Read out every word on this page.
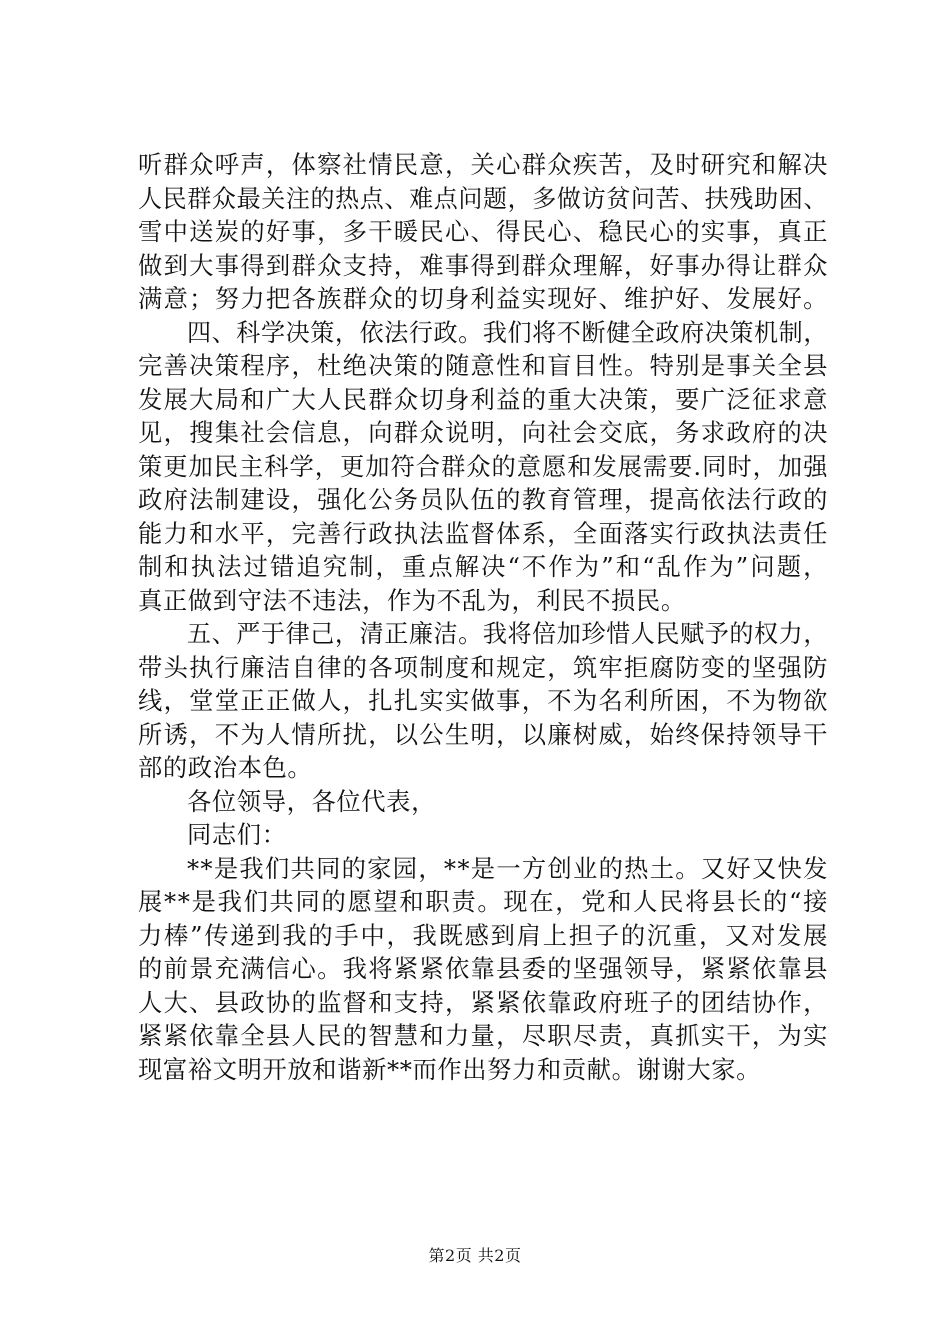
听群众呼声，体察社情民意，关心群众疾苦，及时研究和解决
人民群众最关注的热点、难点问题，多做访贫问苦、扶残助困、
雪中送炭的好事，多干暖民心、得民心、稳民心的实事，真正
做到大事得到群众支持，难事得到群众理解，好事办得让群众
满意；努力把各族群众的切身利益实现好、维护好、发展好。
四、科学决策，依法行政。我们将不断健全政府决策机制，
完善决策程序，杜绝决策的随意性和盲目性。特别是事关全县
发展大局和广大人民群众切身利益的重大决策，要广泛征求意
见，搜集社会信息，向群众说明，向社会交底，务求政府的决
策更加民主科学，更加符合群众的意愿和发展需要.同时，加强
政府法制建设，强化公务员队伍的教育管理，提高依法行政的
能力和水平，完善行政执法监督体系，全面落实行政执法责任
制和执法过错追究制，重点解决“不作为”和“乱作为”问题，
真正做到守法不违法，作为不乱为，利民不损民。
五、严于律己，清正廉洁。我将倍加珍惜人民赋予的权力，
带头执行廉洁自律的各项制度和规定，筑牢拒腐防变的坚强防
线，堂堂正正做人，扎扎实实做事，不为名利所困，不为物欲
所诱，不为人情所扰，以公生明，以廉树威，始终保持领导干
部的政治本色。
各位领导，各位代表，
同志们：
**是我们共同的家园，**是一方创业的热土。又好又快发
展**是我们共同的愿望和职责。现在，党和人民将县长的“接
力棒”传递到我的手中，我既感到肩上担子的沉重，又对发展
的前景充满信心。我将紧紧依靠县委的坚强领导，紧紧依靠县
人大、县政协的监督和支持，紧紧依靠政府班子的团结协作，
紧紧依靠全县人民的智慧和力量，尽职尽责，真抓实干，为实
现富裕文明开放和谐新**而作出努力和贡献。谢谢大家。
第2页 共2页
